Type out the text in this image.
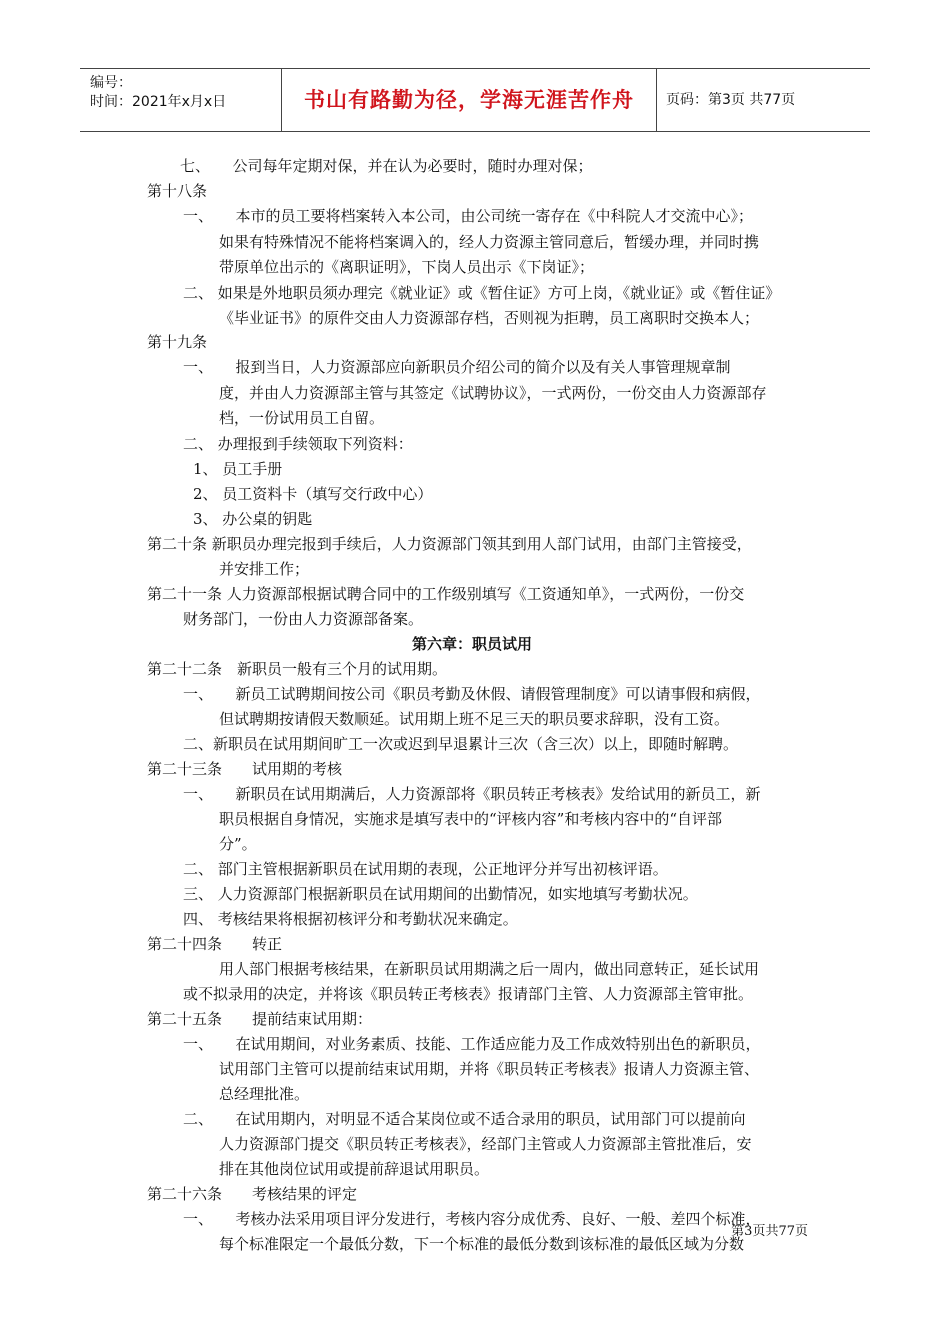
编号：
时间：2021年x月x日	书山有路勤为径，学海无涯苦作舟	页码：第3页 共77页
七、　　公司每年定期对保，并在认为必要时，随时办理对保；
第十八条
一、　　本市的员工要将档案转入本公司，由公司统一寄存在《中科院人才交流中心》；
如果有特殊情况不能将档案调入的，经人力资源主管同意后，暂缓办理，并同时携
带原单位出示的《离职证明》，下岗人员出示《下岗证》；
二、 如果是外地职员须办理完《就业证》或《暂住证》方可上岗，《就业证》或《暂住证》
《毕业证书》的原件交由人力资源部存档，否则视为拒聘，员工离职时交换本人；
第十九条
一、　　报到当日，人力资源部应向新职员介绍公司的简介以及有关人事管理规章制
度，并由人力资源部主管与其签定《试聘协议》，一式两份，一份交由人力资源部存
档，一份试用员工自留。
二、 办理报到手续领取下列资料：
1、 员工手册
2、 员工资料卡（填写交行政中心）
3、 办公桌的钥匙
第二十条 新职员办理完报到手续后，人力资源部门领其到用人部门试用，由部门主管接受，
并安排工作；
第二十一条 人力资源部根据试聘合同中的工作级别填写《工资通知单》，一式两份，一份交
财务部门，一份由人力资源部备案。
第六章：职员试用
第二十二条　新职员一般有三个月的试用期。
一、　　新员工试聘期间按公司《职员考勤及休假、请假管理制度》可以请事假和病假，
但试聘期按请假天数顺延。试用期上班不足三天的职员要求辞职，没有工资。
二、新职员在试用期间旷工一次或迟到早退累计三次（含三次）以上，即随时解聘。
第二十三条　　试用期的考核
一、　　新职员在试用期满后，人力资源部将《职员转正考核表》发给试用的新员工，新
职员根据自身情况，实施求是填写表中的“评核内容”和考核内容中的“自评部
分”。
二、 部门主管根据新职员在试用期的表现，公正地评分并写出初核评语。
三、 人力资源部门根据新职员在试用期间的出勤情况，如实地填写考勤状况。
四、 考核结果将根据初核评分和考勤状况来确定。
第二十四条　　转正
用人部门根据考核结果，在新职员试用期满之后一周内，做出同意转正，延长试用
或不拟录用的决定，并将该《职员转正考核表》报请部门主管、人力资源部主管审批。
第二十五条　　提前结束试用期：
一、　　在试用期间，对业务素质、技能、工作适应能力及工作成效特别出色的新职员，
试用部门主管可以提前结束试用期，并将《职员转正考核表》报请人力资源主管、
总经理批准。
二、　　在试用期内，对明显不适合某岗位或不适合录用的职员，试用部门可以提前向
人力资源部门提交《职员转正考核表》，经部门主管或人力资源部主管批准后，安
排在其他岗位试用或提前辞退试用职员。
第二十六条　　考核结果的评定
一、　　考核办法采用项目评分发进行，考核内容分成优秀、良好、一般、差四个标准，
每个标准限定一个最低分数，下一个标准的最低分数到该标准的最低区域为分数
第3页共77页
